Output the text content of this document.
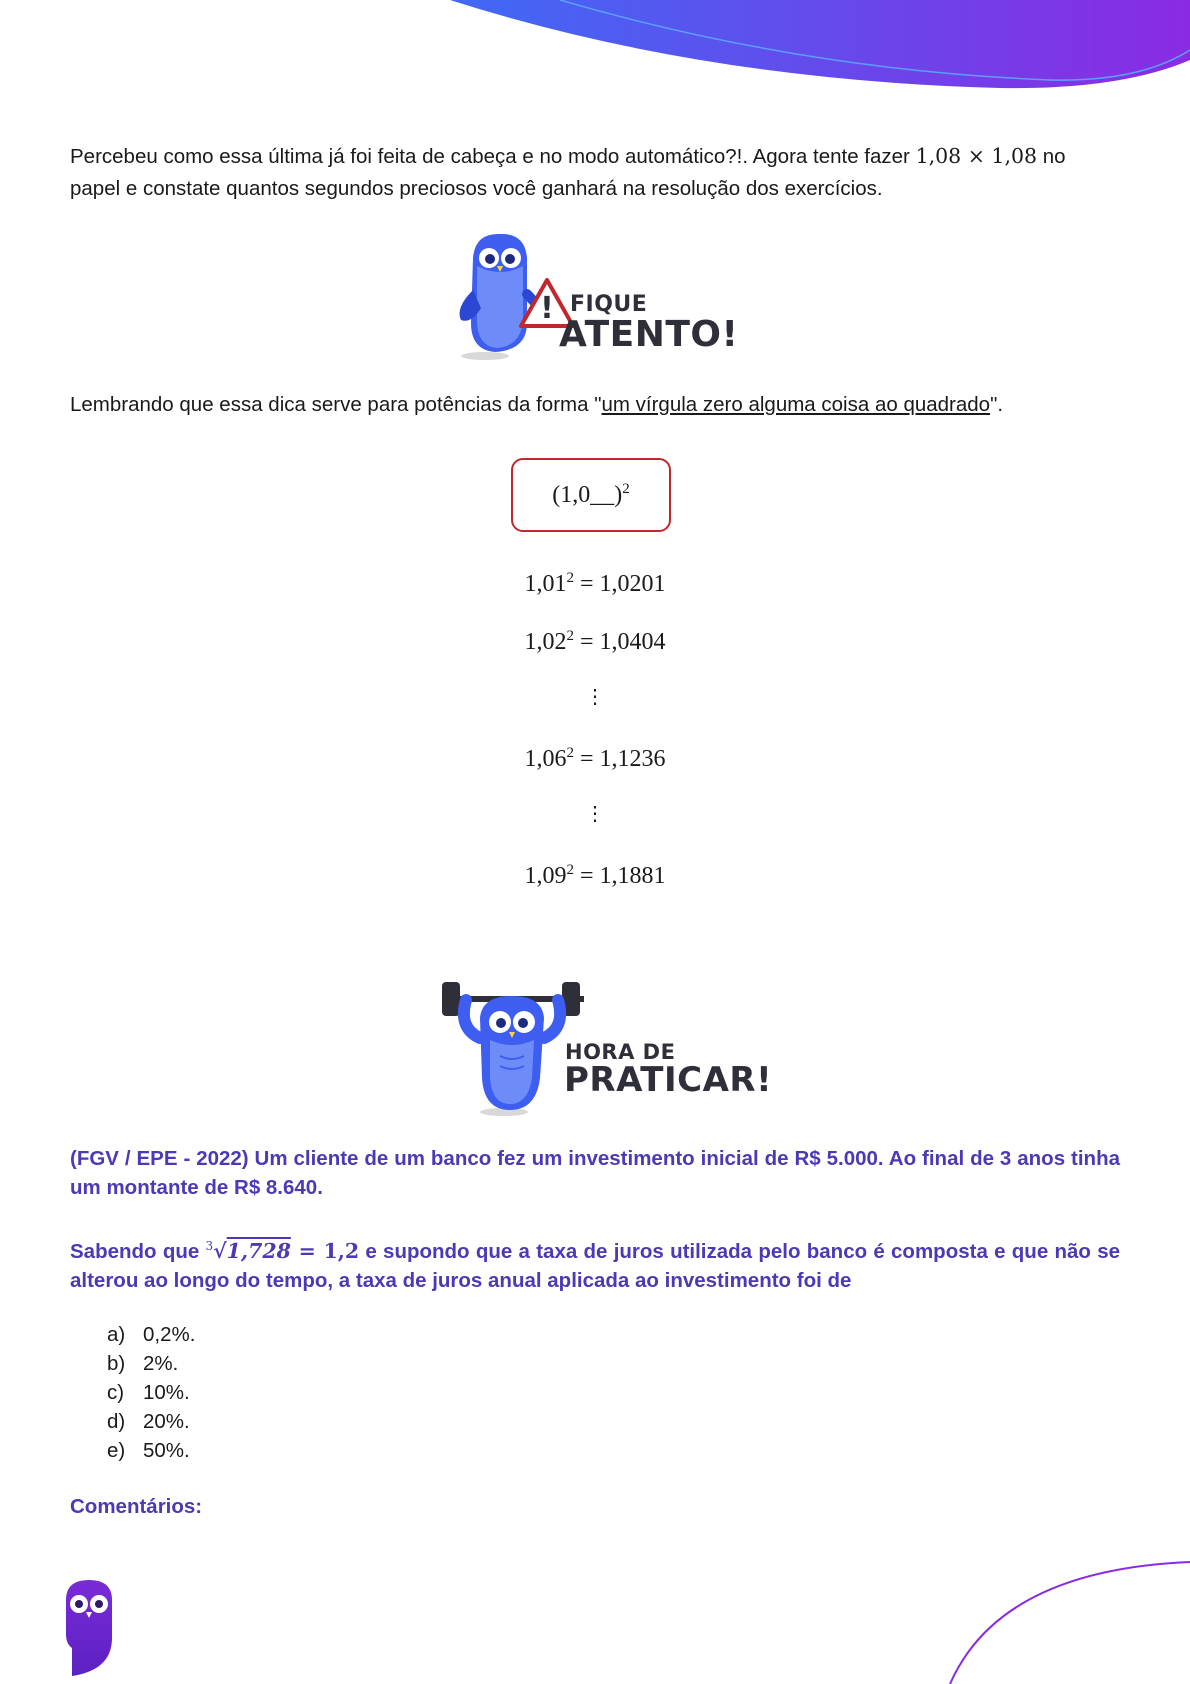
Percebeu como essa última já foi feita de cabeça e no modo automático?!. Agora tente fazer 1,08 × 1,08 no papel e constate quantos segundos preciosos você ganhará na resolução dos exercícios.
! FIQUE
ATENTO!
Lembrando que essa dica serve para potências da forma "um vírgula zero alguma coisa ao quadrado".
(1,0__)$^2$
$1,01^2 = 1,0201$
$1,02^2 = 1,0404$
⋮
$1,06^2 = 1,1236$
⋮
$1,09^2 = 1,1881$
HORA DE
PRATICAR!
(FGV / EPE - 2022) Um cliente de um banco fez um investimento inicial de R$ 5.000. Ao final de 3 anos tinha um montante de R$ 8.640.
Sabendo que $^3$√1,728 = 1,2 e supondo que a taxa de juros utilizada pelo banco é composta e que não se alterou ao longo do tempo, a taxa de juros anual aplicada ao investimento foi de
a) 0,2%.
b) 2%.
c) 10%.
d) 20%.
e) 50%.
Comentários:
